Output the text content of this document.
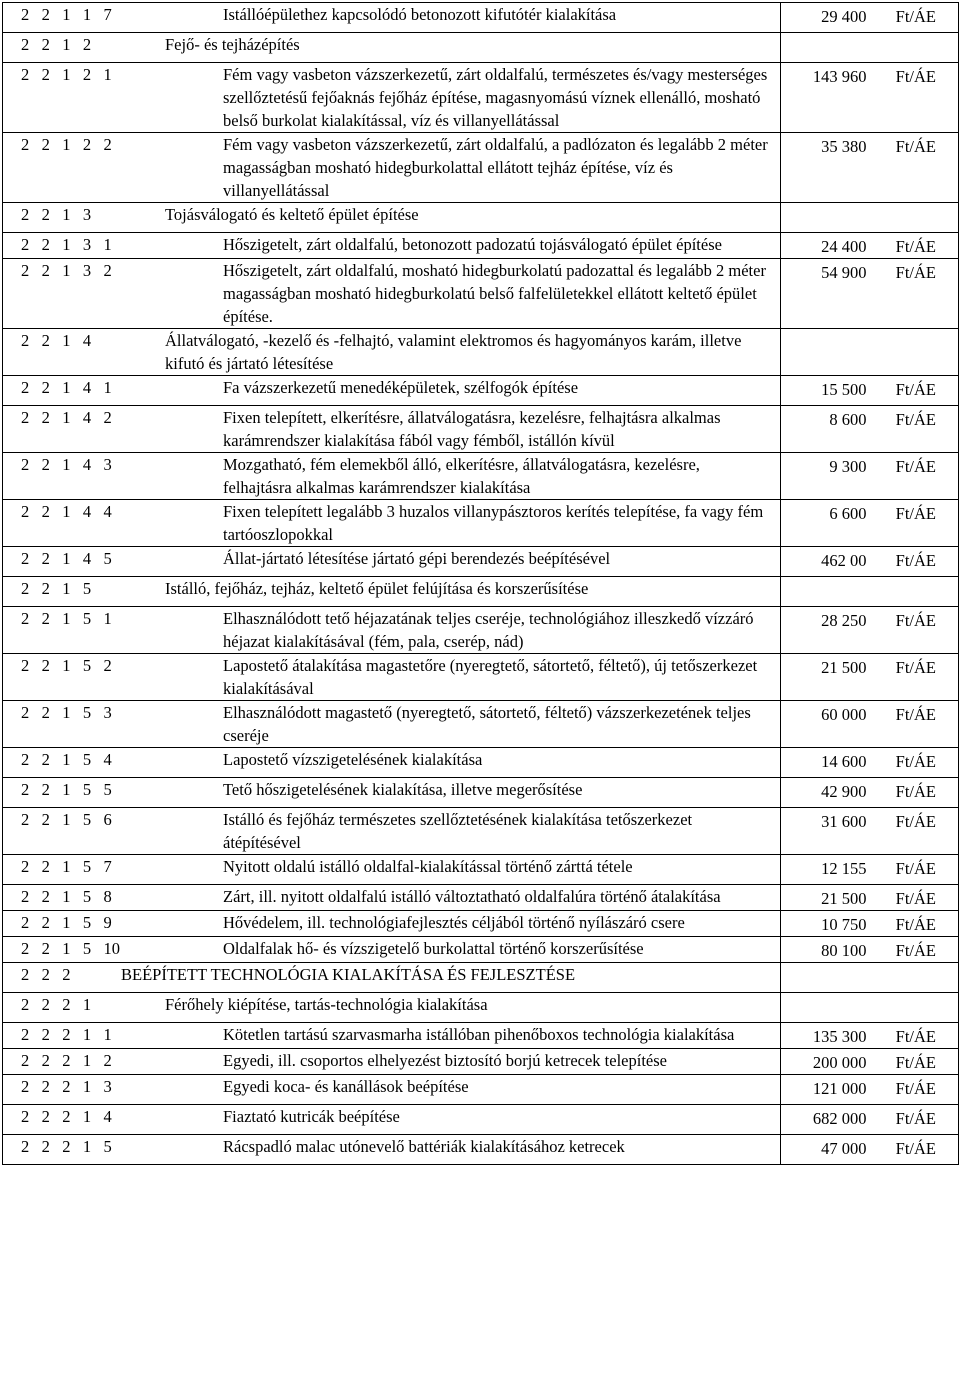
2   2   1   1   7 Istállóépülethez kapcsolódó betonozott kifutótér kialakítása	29 400	Ft/ÁE

2   2   1   2 Fejő- és tejházépítés		

2   2   1   2   1 Fém vagy vasbeton vázszerkezetű, zárt oldalfalú, természetes és/vagy mesterséges szellőztetésű fejőaknás fejőház építése, magasnyomású víznek ellenálló, mosható belső burkolat kialakítással, víz és villanyellátással	143 960	Ft/ÁE

2   2   1   2   2 Fém vagy vasbeton vázszerkezetű, zárt oldalfalú, a padlózaton és legalább 2 méter magasságban mosható hidegburkolattal ellátott tejház építése, víz és villanyellátással	35 380	Ft/ÁE

2   2   1   3 Tojásválogató és keltető épület építése		

2   2   1   3   1 Hőszigetelt, zárt oldalfalú, betonozott padozatú tojásválogató épület építése	24 400	Ft/ÁE

2   2   1   3   2 Hőszigetelt, zárt oldalfalú, mosható hidegburkolatú padozattal és legalább 2 méter magasságban mosható hidegburkolatú belső falfelületekkel ellátott keltető épület építése.	54 900	Ft/ÁE

2   2   1   4 Állatválogató, -kezelő és -felhajtó, valamint elektromos és hagyományos karám, illetve kifutó és jártató létesítése		

2   2   1   4   1 Fa vázszerkezetű menedéképületek, szélfogók építése	15 500	Ft/ÁE

2   2   1   4   2 Fixen telepített, elkerítésre, állatválogatásra, kezelésre, felhajtásra alkalmas karámrendszer kialakítása fából vagy fémből, istállón kívül	8 600	Ft/ÁE

2   2   1   4   3 Mozgatható, fém elemekből álló, elkerítésre, állatválogatásra, kezelésre, felhajtásra alkalmas karámrendszer kialakítása	9 300	Ft/ÁE

2   2   1   4   4 Fixen telepített legalább 3 huzalos villanypásztoros kerítés telepítése, fa vagy fém tartóoszlopokkal	6 600	Ft/ÁE

2   2   1   4   5 Állat-jártató létesítése jártató gépi berendezés beépítésével	462 00	Ft/ÁE

2   2   1   5 Istálló, fejőház, tejház, keltető épület felújítása és korszerűsítése		

2   2   1   5   1 Elhasználódott tető héjazatának teljes cseréje, technológiához illeszkedő vízzáró héjazat kialakításával (fém, pala, cserép, nád)	28 250	Ft/ÁE

2   2   1   5   2 Lapostető átalakítása magastetőre (nyeregtető, sátortető, féltető), új tetőszerkezet kialakításával	21 500	Ft/ÁE

2   2   1   5   3 Elhasználódott magastető (nyeregtető, sátortető, féltető) vázszerkezetének teljes cseréje	60 000	Ft/ÁE

2   2   1   5   4 Lapostető vízszigetelésének kialakítása	14 600	Ft/ÁE

2   2   1   5   5 Tető hőszigetelésének kialakítása, illetve megerősítése	42 900	Ft/ÁE

2   2   1   5   6 Istálló és fejőház természetes szellőztetésének kialakítása tetőszerkezet átépítésével	31 600	Ft/ÁE

2   2   1   5   7 Nyitott oldalú istálló oldalfal-kialakítással történő zárttá tétele	12 155	Ft/ÁE

2   2   1   5   8 Zárt, ill. nyitott oldalfalú istálló változtatható oldalfalúra történő átalakítása	21 500	Ft/ÁE

2   2   1   5   9 Hővédelem, ill. technológiafejlesztés céljából történő nyílászáró csere	10 750	Ft/ÁE

2   2   1   5   10 Oldalfalak hő- és vízszigetelő burkolattal történő korszerűsítése	80 100	Ft/ÁE

2   2   2 BEÉPÍTETT TECHNOLÓGIA KIALAKÍTÁSA ÉS FEJLESZTÉSE		

2   2   2   1 Férőhely kiépítése, tartás-technológia kialakítása		

2   2   2   1   1 Kötetlen tartású szarvasmarha istállóban pihenőboxos technológia kialakítása	135 300	Ft/ÁE

2   2   2   1   2 Egyedi, ill. csoportos elhelyezést biztosító borjú ketrecek telepítése	200 000	Ft/ÁE

2   2   2   1   3 Egyedi koca- és kanállások beépítése	121 000	Ft/ÁE

2   2   2   1   4 Fiaztató kutricák beépítése	682 000	Ft/ÁE

2   2   2   1   5 Rácspadló malac utónevelő battériák kialakításához ketrecek	47 000	Ft/ÁE
